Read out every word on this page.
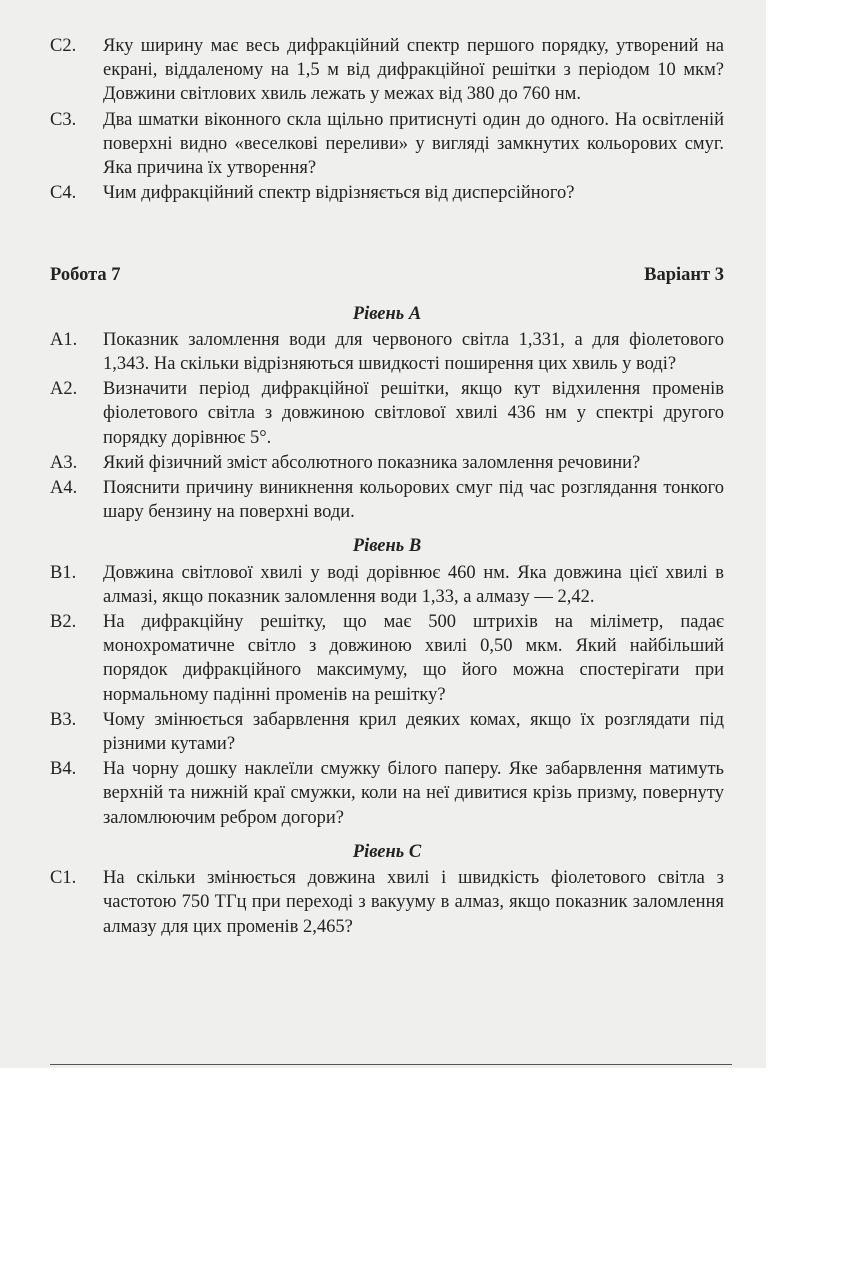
С2.	Яку ширину має весь дифракційний спектр першого порядку, утворений на екрані, віддаленому на 1,5 м від дифракційної решітки з періодом 10 мкм? Довжини світлових хвиль лежать у межах від 380 до 760 нм.
С3.	Два шматки віконного скла щільно притиснуті один до одного. На освітленій поверхні видно «веселкові переливи» у вигляді замкнутих кольорових смуг. Яка причина їх утворення?
С4.	Чим дифракційний спектр відрізняється від дисперсійного?
Робота 7	Варіант 3
Рівень А
А1.	Показник заломлення води для червоного світла 1,331, а для фіолетового 1,343. На скільки відрізняються швидкості поширення цих хвиль у воді?
А2.	Визначити період дифракційної решітки, якщо кут відхилення променів фіолетового світла з довжиною світлової хвилі 436 нм у спектрі другого порядку дорівнює 5°.
А3.	Який фізичний зміст абсолютного показника заломлення речовини?
А4.	Пояснити причину виникнення кольорових смуг під час розглядання тонкого шару бензину на поверхні води.
Рівень В
В1.	Довжина світлової хвилі у воді дорівнює 460 нм. Яка довжина цієї хвилі в алмазі, якщо показник заломлення води 1,33, а алмазу — 2,42.
В2.	На дифракційну решітку, що має 500 штрихів на міліметр, падає монохроматичне світло з довжиною хвилі 0,50 мкм. Який найбільший порядок дифракційного максимуму, що його можна спостерігати при нормальному падінні променів на решітку?
В3.	Чому змінюється забарвлення крил деяких комах, якщо їх розглядати під різними кутами?
В4.	На чорну дошку наклеїли смужку білого паперу. Яке забарвлення матимуть верхній та нижній краї смужки, коли на неї дивитися крізь призму, повернуту заломлюючим ребром догори?
Рівень С
С1.	На скільки змінюється довжина хвилі і швидкість фіолетового світла з частотою 750 ТГц при переході з вакууму в алмаз, якщо показник заломлення алмазу для цих променів 2,465?
